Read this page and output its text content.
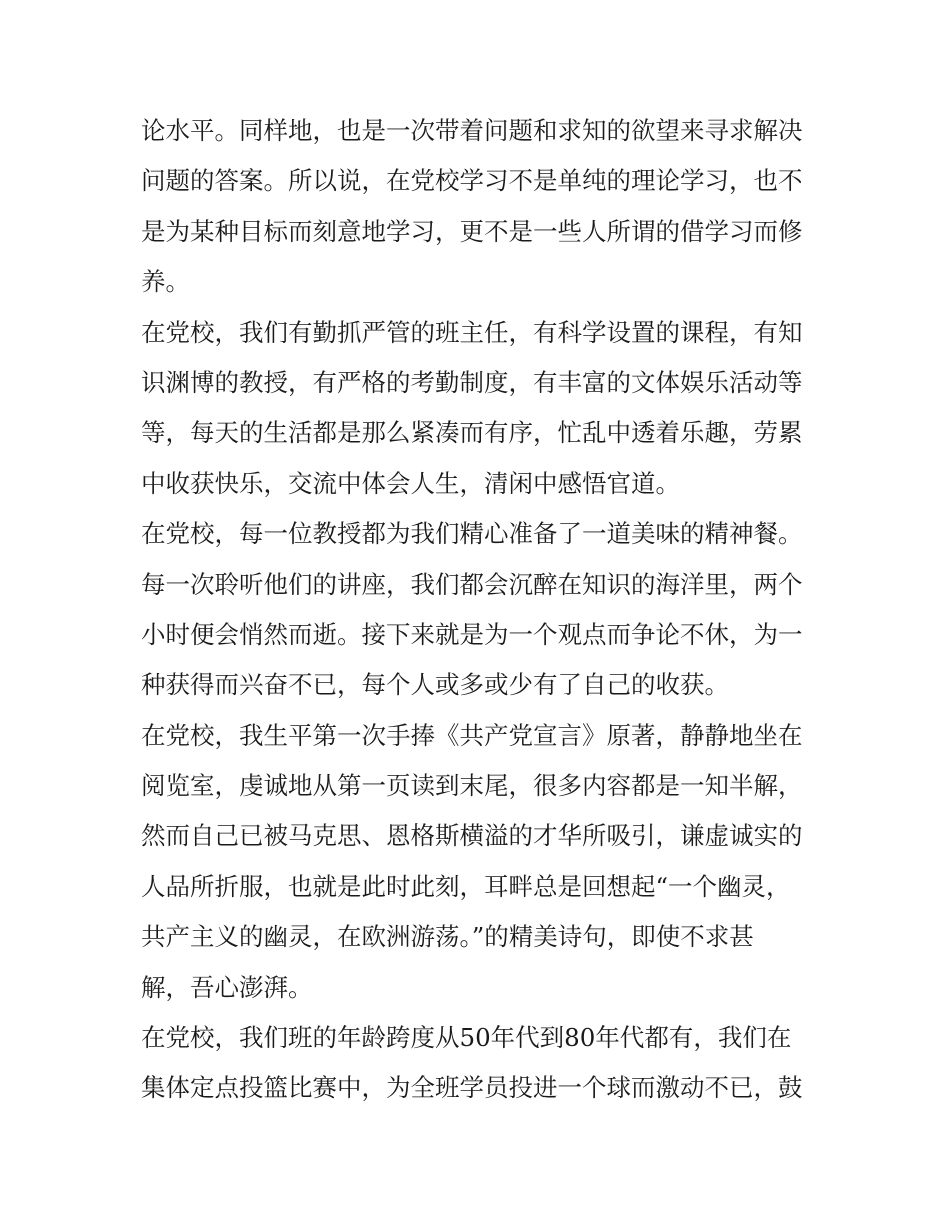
论水平。同样地，也是一次带着问题和求知的欲望来寻求解决
问题的答案。所以说，在党校学习不是单纯的理论学习，也不
是为某种目标而刻意地学习，更不是一些人所谓的借学习而修
养。
在党校，我们有勤抓严管的班主任，有科学设置的课程，有知
识渊博的教授，有严格的考勤制度，有丰富的文体娱乐活动等
等，每天的生活都是那么紧凑而有序，忙乱中透着乐趣，劳累
中收获快乐，交流中体会人生，清闲中感悟官道。
在党校，每一位教授都为我们精心准备了一道美味的精神餐。
每一次聆听他们的讲座，我们都会沉醉在知识的海洋里，两个
小时便会悄然而逝。接下来就是为一个观点而争论不休，为一
种获得而兴奋不已，每个人或多或少有了自己的收获。
在党校，我生平第一次手捧《共产党宣言》原著，静静地坐在
阅览室，虔诚地从第一页读到末尾，很多内容都是一知半解，
然而自己已被马克思、恩格斯横溢的才华所吸引，谦虚诚实的
人品所折服，也就是此时此刻，耳畔总是回想起“一个幽灵，
共产主义的幽灵，在欧洲游荡。”的精美诗句，即使不求甚
解，吾心澎湃。
在党校，我们班的年龄跨度从50年代到80年代都有，我们在
集体定点投篮比赛中，为全班学员投进一个球而激动不已，鼓
